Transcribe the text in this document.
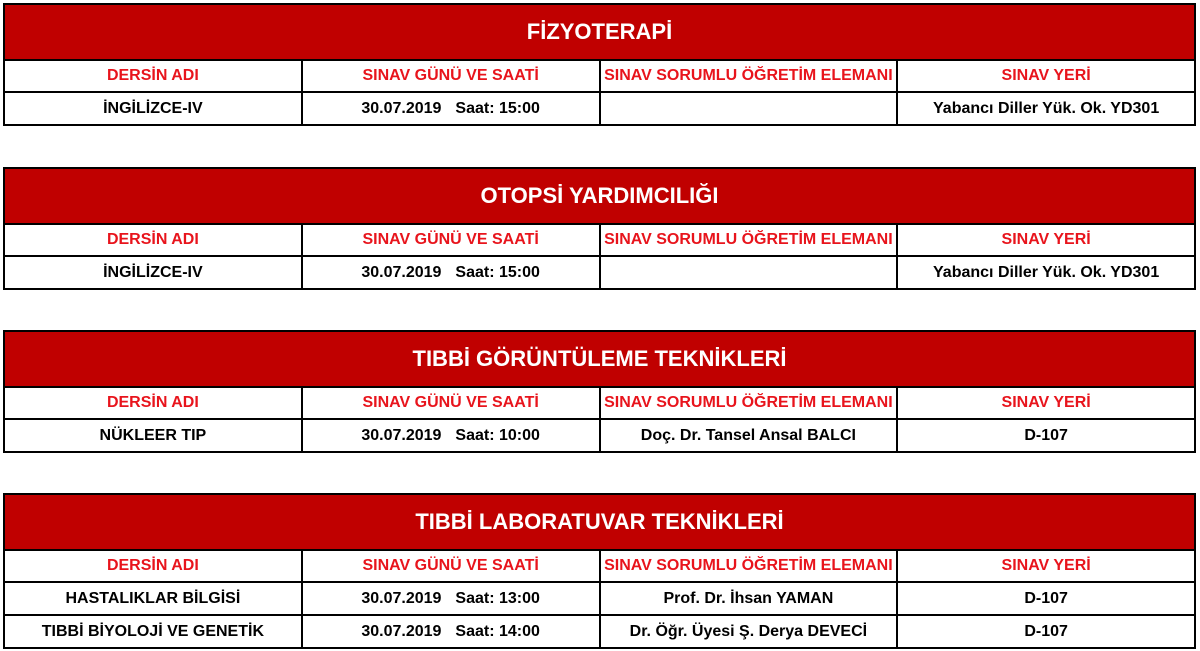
FİZYOTERAPİ			
DERSİN ADI	SINAV GÜNÜ VE SAATİ	SINAV SORUMLU ÖĞRETİM ELEMANI	SINAV YERİ
İNGİLİZCE-IV	30.07.2019 Saat: 15:00		Yabancı Diller Yük. Ok. YD301
OTOPSİ YARDIMCILIĞI			
DERSİN ADI	SINAV GÜNÜ VE SAATİ	SINAV SORUMLU ÖĞRETİM ELEMANI	SINAV YERİ
İNGİLİZCE-IV	30.07.2019 Saat: 15:00		Yabancı Diller Yük. Ok. YD301
TIBBİ GÖRÜNTÜLEME TEKNİKLERİ			
DERSİN ADI	SINAV GÜNÜ VE SAATİ	SINAV SORUMLU ÖĞRETİM ELEMANI	SINAV YERİ
NÜKLEER TIP	30.07.2019 Saat: 10:00	Doç. Dr. Tansel Ansal BALCI	D-107
TIBBİ LABORATUVAR TEKNİKLERİ			
DERSİN ADI	SINAV GÜNÜ VE SAATİ	SINAV SORUMLU ÖĞRETİM ELEMANI	SINAV YERİ
HASTALIKLAR BİLGİSİ	30.07.2019 Saat: 13:00	Prof. Dr. İhsan YAMAN	D-107
TIBBİ BİYOLOJİ VE GENETİK	30.07.2019 Saat: 14:00	Dr. Öğr. Üyesi Ş. Derya DEVECİ	D-107
